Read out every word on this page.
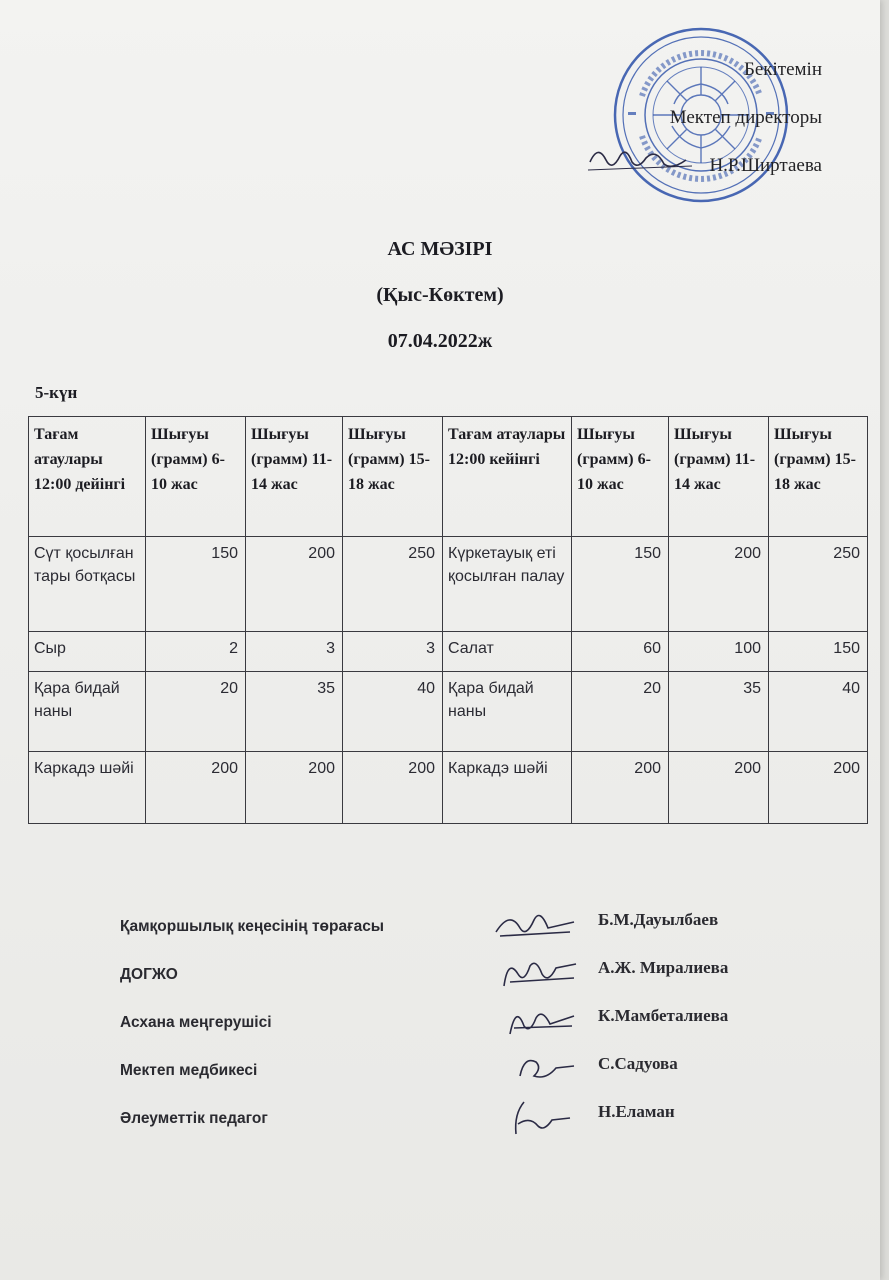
Бекітемін
Мектеп директоры
Н.Р.Ширтаева
АС МӘЗІРІ
(Қыс-Көктем)
07.04.2022ж
5-күн
Тағам атаулары 12:00 дейінгі	Шығуы (грамм) 6-10 жас	Шығуы (грамм) 11-14 жас	Шығуы (грамм) 15-18 жас	Тағам атаулары 12:00 кейінгі	Шығуы (грамм) 6-10 жас	Шығуы (грамм) 11-14 жас	Шығуы (грамм) 15-18 жас
Сүт қосылған тары ботқасы	150	200	250	Күркетауық еті қосылған палау	150	200	250
Сыр	2	3	3	Салат	60	100	150
Қара бидай наны	20	35	40	Қара бидай наны	20	35	40
Каркадэ шәйі	200	200	200	Каркадэ шәйі	200	200	200
Қамқоршылық кеңесінің төрағасы	Б.М.Дауылбаев
ДОГЖО	А.Ж. Миралиева
Асхана меңгерушісі	К.Мамбеталиева
Мектеп медбикесі	С.Садуова
Әлеуметтік педагог	Н.Еламан
